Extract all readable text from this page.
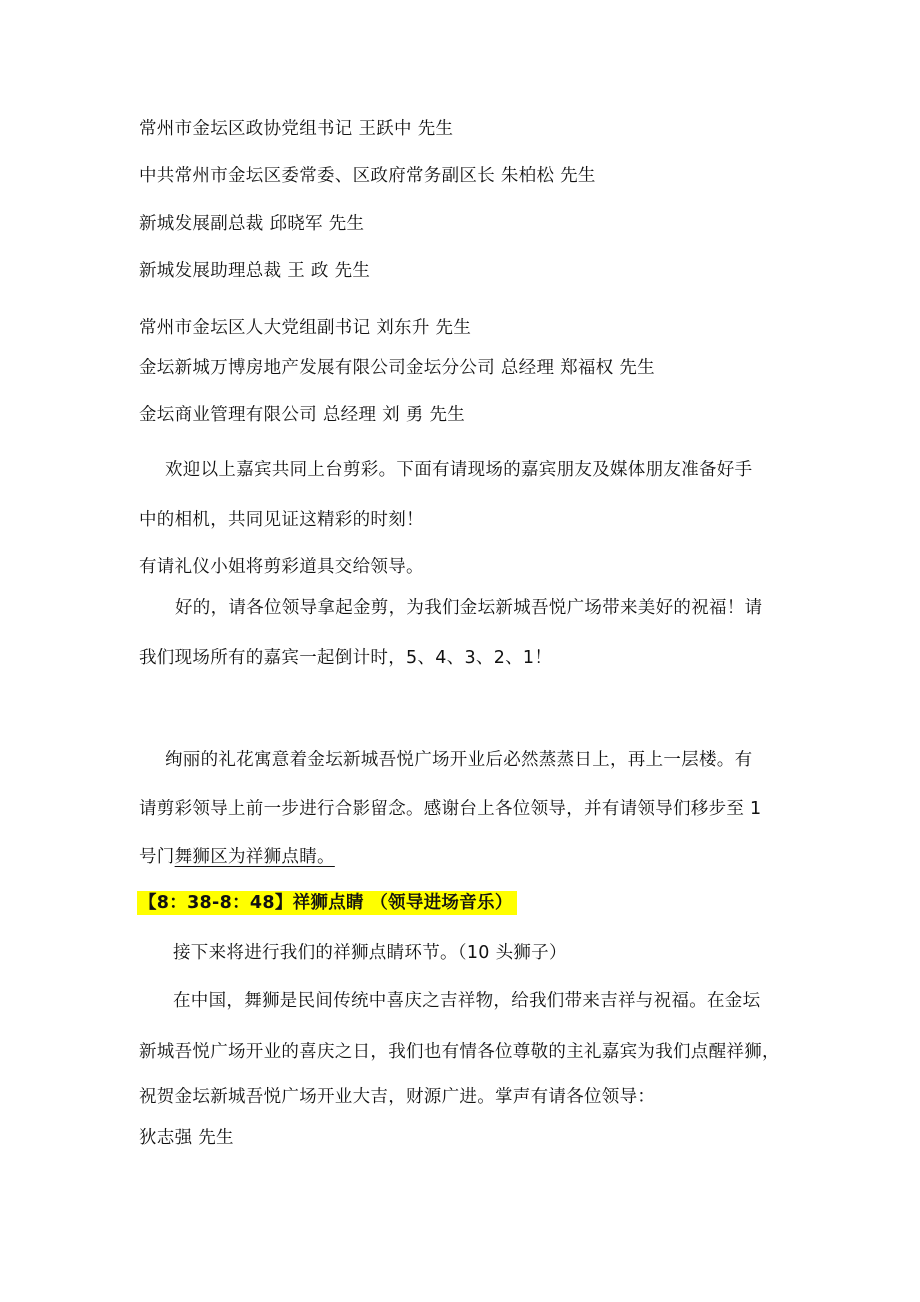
常州市金坛区政协党组书记 王跃中 先生
中共常州市金坛区委常委、区政府常务副区长 朱柏松 先生
新城发展副总裁 邱晓军 先生
新城发展助理总裁 王 政 先生
常州市金坛区人大党组副书记 刘东升 先生
金坛新城万博房地产发展有限公司金坛分公司 总经理 郑福权 先生
金坛商业管理有限公司 总经理 刘 勇 先生
欢迎以上嘉宾共同上台剪彩。下面有请现场的嘉宾朋友及媒体朋友准备好手
中的相机，共同见证这精彩的时刻！
有请礼仪小姐将剪彩道具交给领导。
好的，请各位领导拿起金剪，为我们金坛新城吾悦广场带来美好的祝福！请
我们现场所有的嘉宾一起倒计时，5、4、3、2、1！
绚丽的礼花寓意着金坛新城吾悦广场开业后必然蒸蒸日上，再上一层楼。有
请剪彩领导上前一步进行合影留念。感谢台上各位领导，并有请领导们移步至 1
号门舞狮区为祥狮点睛。
【8：38-8：48】祥狮点睛 （领导进场音乐）
接下来将进行我们的祥狮点睛环节。（10 头狮子）
在中国，舞狮是民间传统中喜庆之吉祥物，给我们带来吉祥与祝福。在金坛
新城吾悦广场开业的喜庆之日，我们也有情各位尊敬的主礼嘉宾为我们点醒祥狮，
祝贺金坛新城吾悦广场开业大吉，财源广进。掌声有请各位领导：
狄志强 先生
